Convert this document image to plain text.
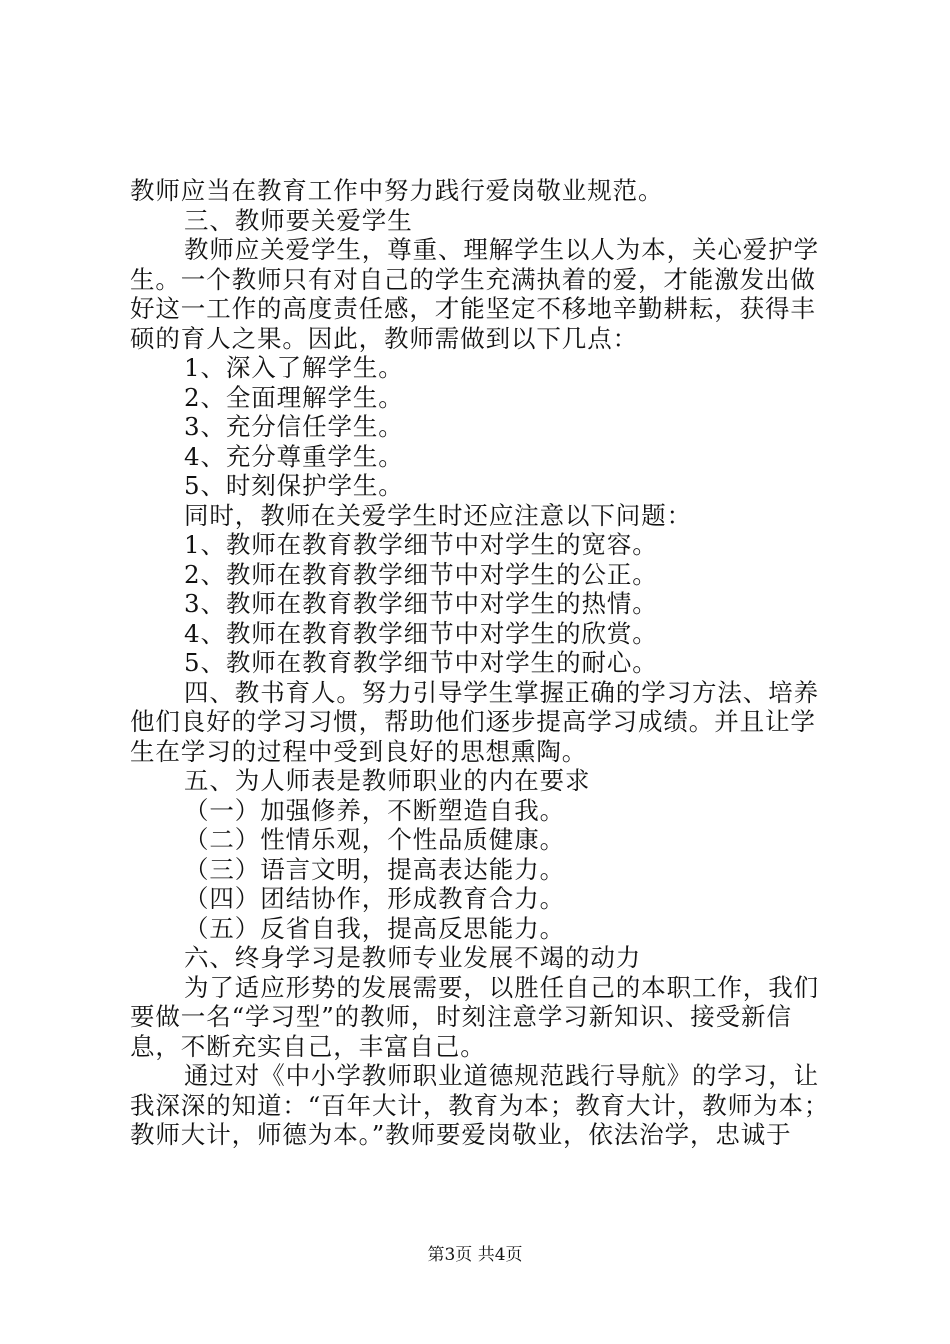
教师应当在教育工作中努力践行爱岗敬业规范。
三、教师要关爱学生
教师应关爱学生，尊重、理解学生以人为本，关心爱护学
生。一个教师只有对自己的学生充满执着的爱，才能激发出做
好这一工作的高度责任感，才能坚定不移地辛勤耕耘，获得丰
硕的育人之果。因此，教师需做到以下几点：
1、深入了解学生。
2、全面理解学生。
3、充分信任学生。
4、充分尊重学生。
5、时刻保护学生。
同时，教师在关爱学生时还应注意以下问题：
1、教师在教育教学细节中对学生的宽容。
2、教师在教育教学细节中对学生的公正。
3、教师在教育教学细节中对学生的热情。
4、教师在教育教学细节中对学生的欣赏。
5、教师在教育教学细节中对学生的耐心。
四、教书育人。努力引导学生掌握正确的学习方法、培养
他们良好的学习习惯，帮助他们逐步提高学习成绩。并且让学
生在学习的过程中受到良好的思想熏陶。
五、为人师表是教师职业的内在要求
（一）加强修养，不断塑造自我。
（二）性情乐观，个性品质健康。
（三）语言文明，提高表达能力。
（四）团结协作，形成教育合力。
（五）反省自我，提高反思能力。
六、终身学习是教师专业发展不竭的动力
为了适应形势的发展需要，以胜任自己的本职工作，我们
要做一名“学习型”的教师，时刻注意学习新知识、接受新信
息，不断充实自己，丰富自己。
通过对《中小学教师职业道德规范践行导航》的学习，让
我深深的知道：“百年大计，教育为本；教育大计，教师为本；
教师大计，师德为本。”教师要爱岗敬业，依法治学，忠诚于
第3页 共4页
